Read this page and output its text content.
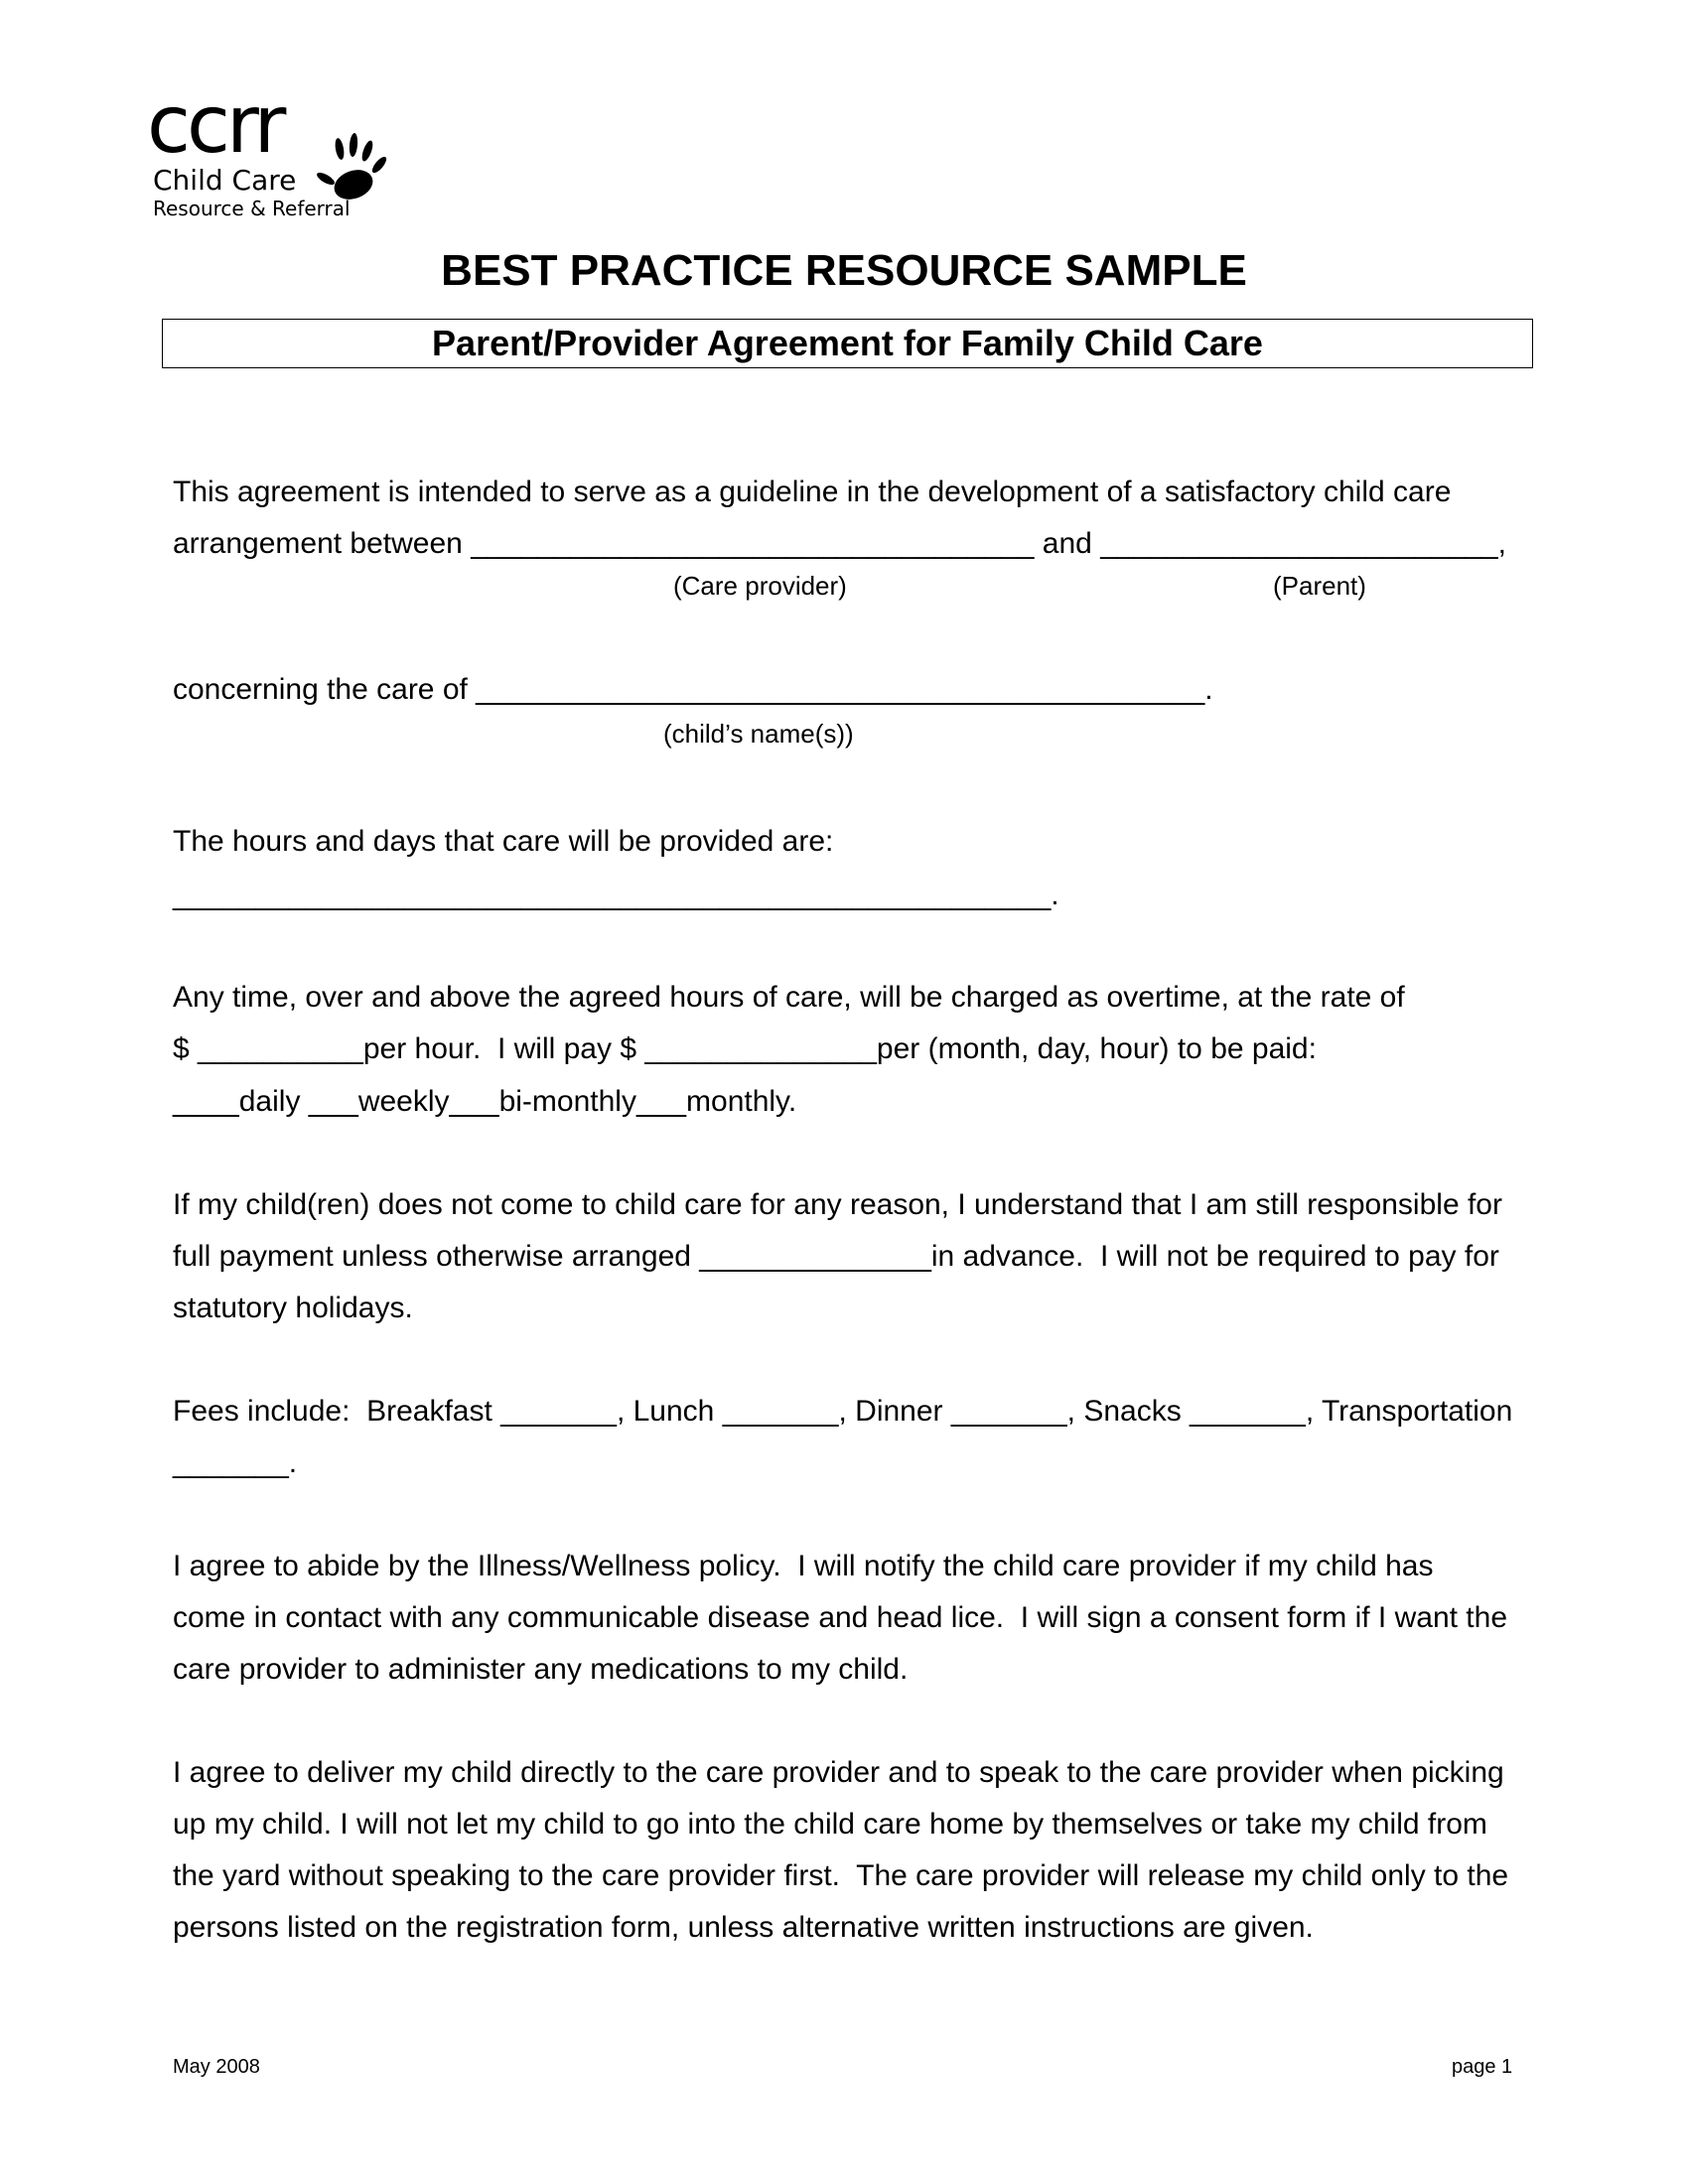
ccrr
Child Care
Resource & Referral
BEST PRACTICE RESOURCE SAMPLE
Parent/Provider Agreement for Family Child Care

This agreement is intended to serve as a guideline in the development of a satisfactory child care

arrangement between __________________________________ and ________________________,

(Care provider)	(Parent)

concerning the care of ____________________________________________.

(child’s name(s))

The hours and days that care will be provided are:

_____________________________________________________.

Any time, over and above the agreed hours of care, will be charged as overtime, at the rate of

$ __________per hour.  I will pay $ ______________per (month, day, hour) to be paid:

____daily ___weekly___bi-monthly___monthly.

If my child(ren) does not come to child care for any reason, I understand that I am still responsible for

full payment unless otherwise arranged ______________in advance.  I will not be required to pay for

statutory holidays.

Fees include:  Breakfast _______, Lunch _______, Dinner _______, Snacks _______, Transportation

_______.

I agree to abide by the Illness/Wellness policy.  I will notify the child care provider if my child has

come in contact with any communicable disease and head lice.  I will sign a consent form if I want the

care provider to administer any medications to my child.

I agree to deliver my child directly to the care provider and to speak to the care provider when picking

up my child. I will not let my child to go into the child care home by themselves or take my child from

the yard without speaking to the care provider first.  The care provider will release my child only to the

persons listed on the registration form, unless alternative written instructions are given.

May 2008	page 1
